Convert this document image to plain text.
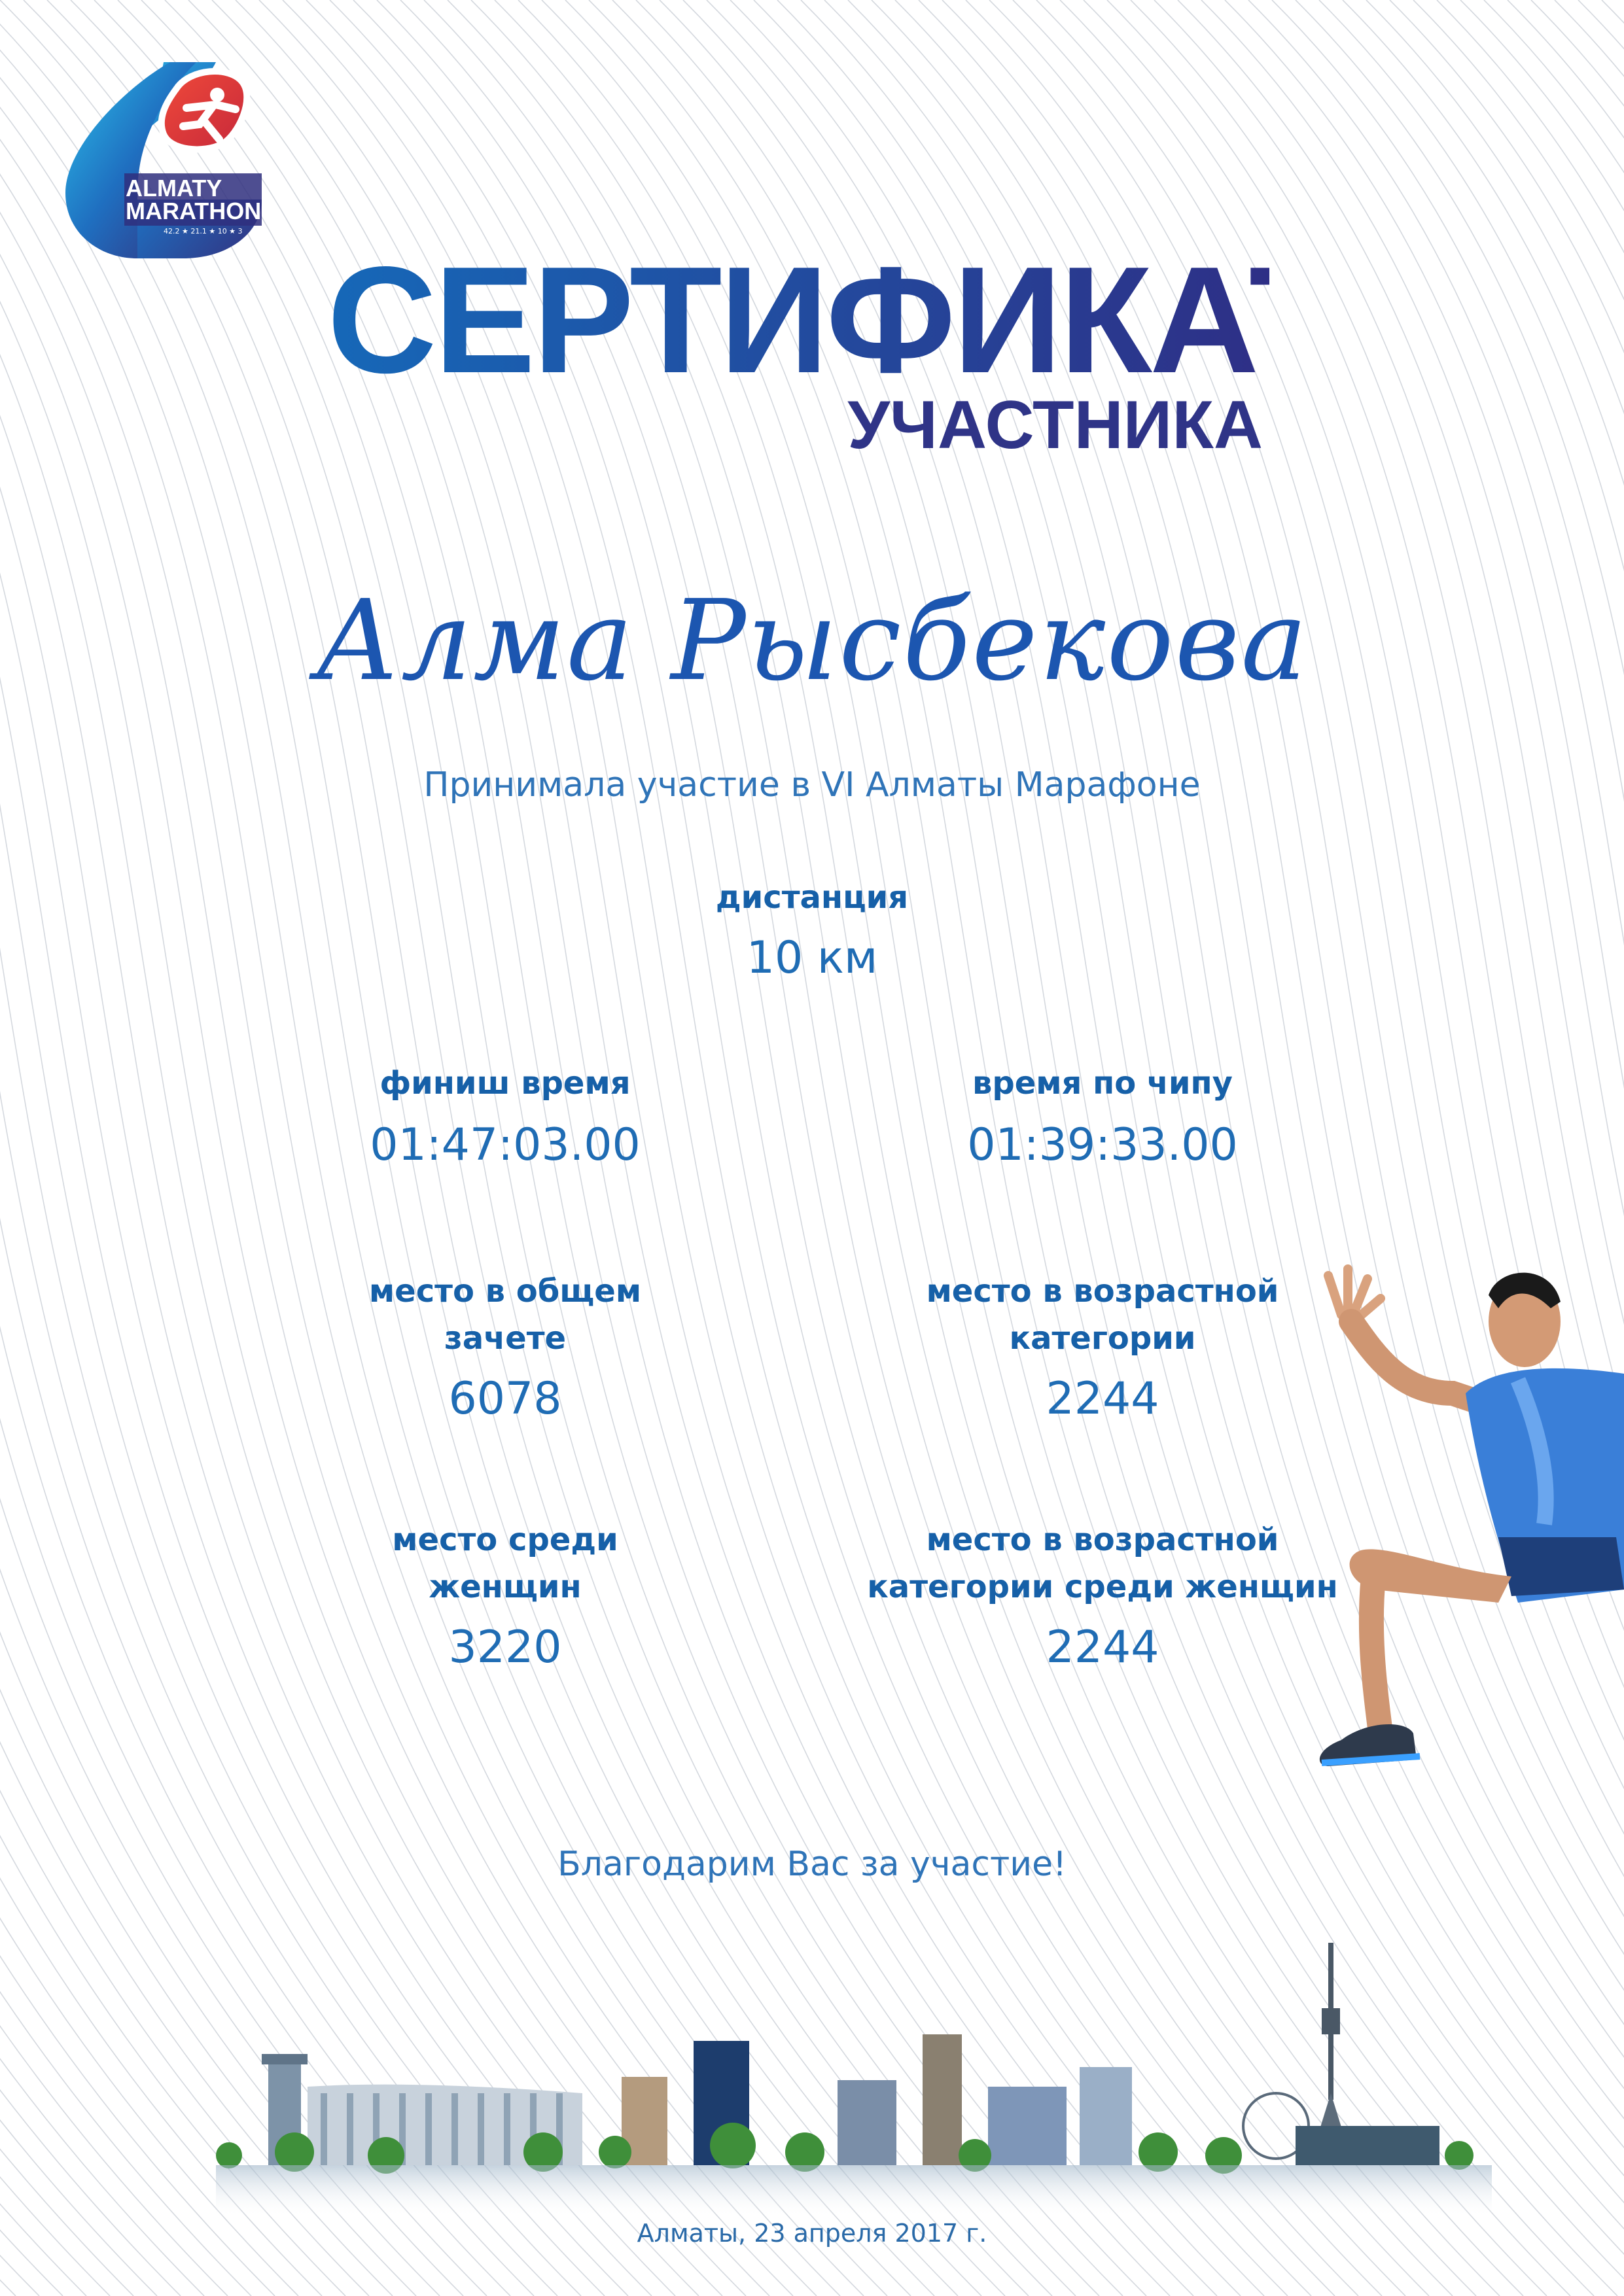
ALMATY
MARATHON
42.2 ★ 21.1 ★ 10 ★ 3
СЕРТИФИКАТ
УЧАСТНИКА
Алма Рысбекова
Принимала участие в VI Алматы Марафоне
дистанция
10 км
финиш время
01:47:03.00
время по чипу
01:39:33.00
место в общем
зачете
6078
место в возрастной
категории
2244
место среди
женщин
3220
место в возрастной
категории среди женщин
2244
Благодарим Вас за участие!
Алматы, 23 апреля 2017 г.
